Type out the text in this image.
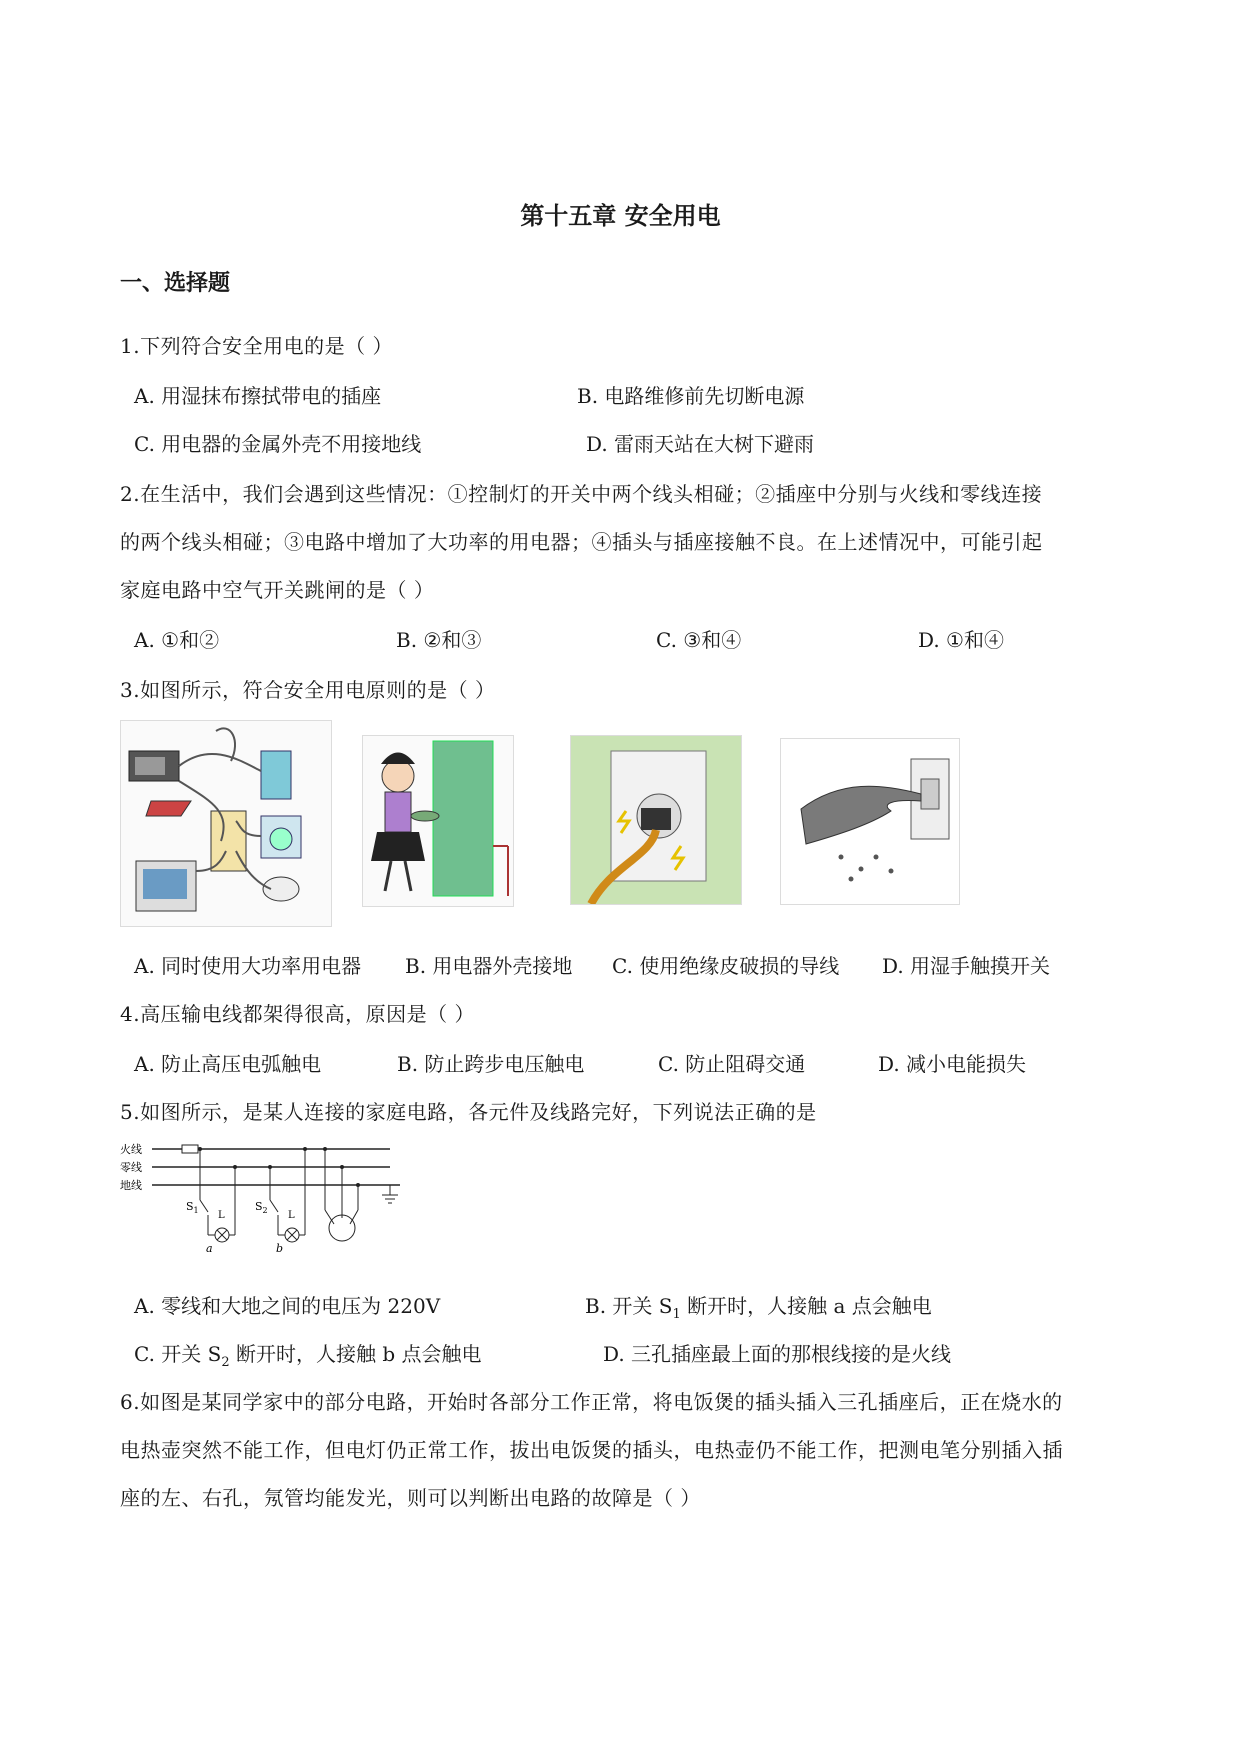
第十五章 安全用电
一、选择题
1.下列符合安全用电的是（ ）
A. 用湿抹布擦拭带电的插座	B. 电路维修前先切断电源
C. 用电器的金属外壳不用接地线	D. 雷雨天站在大树下避雨
2.在生活中，我们会遇到这些情况：①控制灯的开关中两个线头相碰；②插座中分别与火线和零线连接
的两个线头相碰；③电路中增加了大功率的用电器；④插头与插座接触不良。在上述情况中，可能引起
家庭电路中空气开关跳闸的是（ ）
A. ①和②	B. ②和③	C. ③和④	D. ①和④
3.如图所示，符合安全用电原则的是（ ）
A. 同时使用大功率用电器 B. 用电器外壳接地 C. 使用绝缘皮破损的导线 D. 用湿手触摸开关
4.高压输电线都架得很高，原因是（ ）
A. 防止高压电弧触电	B. 防止跨步电压触电	C. 防止阻碍交通	D. 减小电能损失
5.如图所示，是某人连接的家庭电路，各元件及线路完好，下列说法正确的是
火线
零线
地线
$S_1$ L
a
$S_2$ L
b
A. 零线和大地之间的电压为 220V	B. 开关 $S_1$ 断开时，人接触 a 点会触电
C. 开关 $S_2$ 断开时，人接触 b 点会触电	D. 三孔插座最上面的那根线接的是火线
6.如图是某同学家中的部分电路，开始时各部分工作正常，将电饭煲的插头插入三孔插座后，正在烧水的
电热壶突然不能工作，但电灯仍正常工作，拔出电饭煲的插头，电热壶仍不能工作，把测电笔分别插入插
座的左、右孔，氖管均能发光，则可以判断出电路的故障是（ ）
